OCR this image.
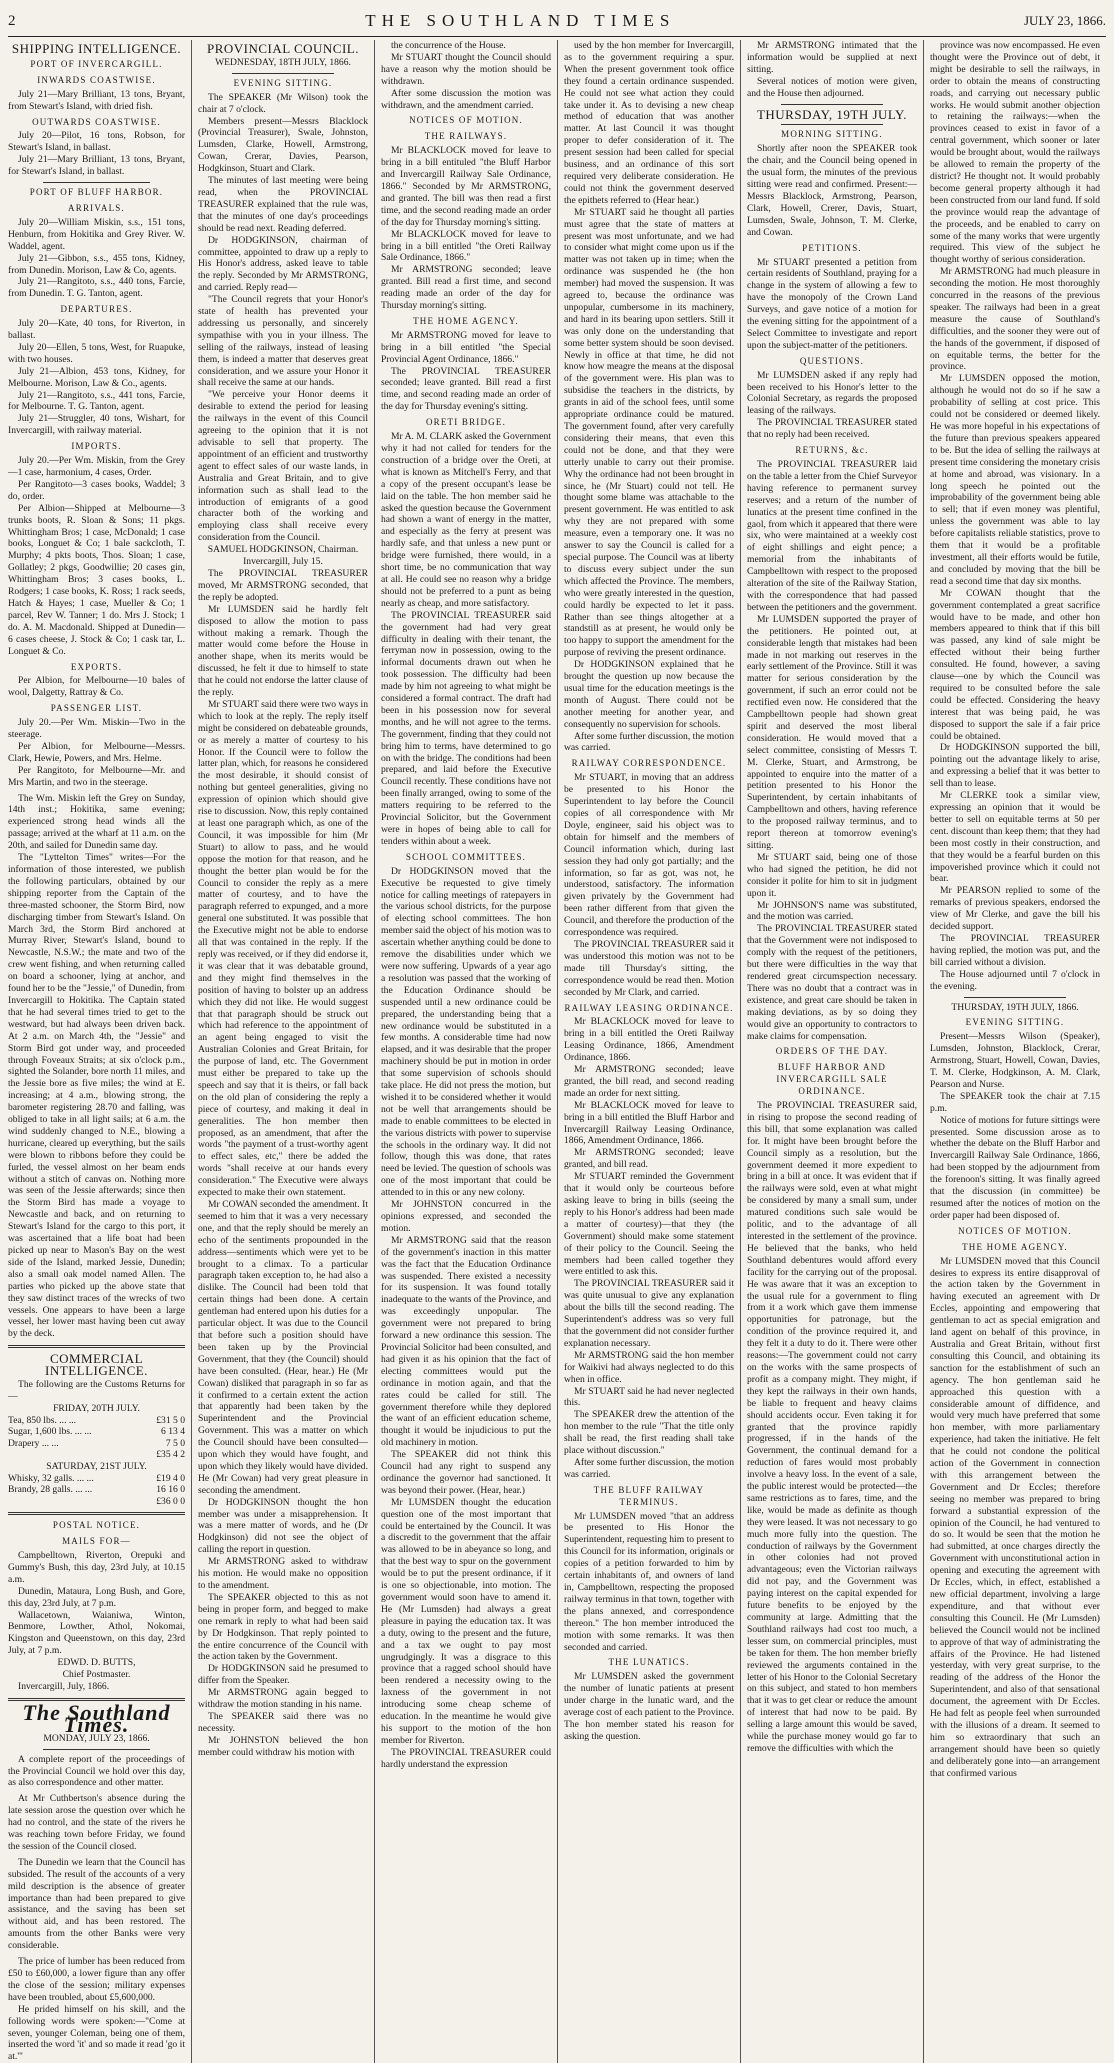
2	THE SOUTHLAND TIMES	JULY 23, 1866.
SHIPPING INTELLIGENCE.
PORT OF INVERCARGILL.
INWARDS COASTWISE.

July 21—Mary Brilliant, 13 tons, Bryant, from Stewart's Island, with dried fish.

OUTWARDS COASTWISE.

July 20—Pilot, 16 tons, Robson, for Stewart's Island, in ballast.

July 21—Mary Brilliant, 13 tons, Bryant, for Stewart's Island, in ballast.

PORT OF BLUFF HARBOR.
ARRIVALS.

July 20—William Miskin, s.s., 151 tons, Henburn, from Hokitika and Grey River. W. Waddel, agent.

July 21—Gibbon, s.s., 455 tons, Kidney, from Dunedin. Morison, Law & Co, agents.

July 21—Rangitoto, s.s., 440 tons, Farcie, from Dunedin. T. G. Tanton, agent.

DEPARTURES.

July 20—Kate, 40 tons, for Riverton, in ballast.

July 20—Ellen, 5 tons, West, for Ruapuke, with two houses.

July 21—Albion, 453 tons, Kidney, for Melbourne. Morison, Law & Co., agents.

July 21—Rangitoto, s.s., 441 tons, Farcie, for Melbourne. T. G. Tanton, agent.

July 21—Struggler, 40 tons, Wishart, for Invercargill, with railway material.

IMPORTS.

July 20.—Per Wm. Miskin, from the Grey—1 case, harmonium, 4 cases, Order.

Per Rangitoto—3 cases books, Waddel; 3 do, order.

Per Albion—Shipped at Melbourne—3 trunks boots, R. Sloan & Sons; 11 pkgs. Whittingham Bros; 1 case, McDonald; 1 case books, Longuet & Co; 1 bale sackcloth, T. Murphy; 4 pkts boots, Thos. Sloan; 1 case, Gollatley; 2 pkgs, Goodwillie; 20 cases gin, Whittingham Bros; 3 cases books, L. Rodgers; 1 case books, K. Ross; 1 rack seeds, Hatch & Hayes; 1 case, Mueller & Co; 1 parcel, Rev W. Tanner; 1 do. Mrs J. Stock; 1 do. A. M. Macdonald. Shipped at Dunedin—6 cases cheese, J. Stock & Co; 1 cask tar, L. Longuet & Co.

EXPORTS.

Per Albion, for Melbourne—10 bales of wool, Dalgetty, Rattray & Co.

PASSENGER LIST.

July 20.—Per Wm. Miskin—Two in the steerage.

Per Albion, for Melbourne—Messrs. Clark, Hewie, Powers, and Mrs. Helme.

Per Rangitoto, for Melbourne—Mr. and Mrs Martin, and two in the steerage.

The Wm. Miskin left the Grey on Sunday, 14th inst.; Hokitika, same evening; experienced strong head winds all the passage; arrived at the wharf at 11 a.m. on the 20th, and sailed for Dunedin same day.

The "Lyttelton Times" writes—For the information of those interested, we publish the following particulars, obtained by our shipping reporter from the Captain of the three-masted schooner, the Storm Bird, now discharging timber from Stewart's Island. On March 3rd, the Storm Bird anchored at Murray River, Stewart's Island, bound to Newcastle, N.S.W.; the mate and two of the crew went fishing, and when returning called on board a schooner, lying at anchor, and found her to be the "Jessie," of Dunedin, from Invercargill to Hokitika. The Captain stated that he had several times tried to get to the westward, but had always been driven back. At 2 a.m. on March 4th, the "Jessie" and Storm Bird got under way, and proceeded through Foveaux Straits; at six o'clock p.m., sighted the Solander, bore north 11 miles, and the Jessie bore as five miles; the wind at E. increasing; at 4 a.m., blowing strong, the barometer registering 28.70 and falling, was obliged to take in all light sails; at 6 a.m. the wind suddenly changed to N.E., blowing a hurricane, cleared up everything, but the sails were blown to ribbons before they could be furled, the vessel almost on her beam ends without a stitch of canvas on. Nothing more was seen of the Jessie afterwards; since then the Storm Bird has made a voyage to Newcastle and back, and on returning to Stewart's Island for the cargo to this port, it was ascertained that a life boat had been picked up near to Mason's Bay on the west side of the Island, marked Jessie, Dunedin; also a small oak model named Allen. The parties who picked up the above state that they saw distinct traces of the wrecks of two vessels. One appears to have been a large vessel, her lower mast having been cut away by the deck.

COMMERCIAL INTELLIGENCE.

The following are the Customs Returns for—

FRIDAY, 20TH JULY.
Tea, 850 lbs. ... ...	£31 5 0
Sugar, 1,600 lbs. ... ...	6 13 4
Drapery ... ...	7 5 0
	£35 4 2
SATURDAY, 21ST JULY.
Whisky, 32 galls. ... ...	£19 4 0
Brandy, 28 galls. ... ...	16 16 0
	£36 0 0
POSTAL NOTICE.
MAILS FOR—

Campbelltown, Riverton, Orepuki and Gummy's Bush, this day, 23rd July, at 10.15 a.m.

Dunedin, Mataura, Long Bush, and Gore, this day, 23rd July, at 7 p.m.

Wallacetown, Waianiwa, Winton, Benmore, Lowther, Athol, Nokomai, Kingston and Queenstown, on this day, 23rd July, at 7 p.m.

EDWD. D. BUTTS,
Chief Postmaster.

Invercargill, July, 1866.

The Southland Times.
MONDAY, JULY 23, 1866.

A complete report of the proceedings of the Provincial Council we hold over this day, as also correspondence and other matter.

At Mr Cuthbertson's absence during the late session arose the question over which he had no control, and the state of the rivers he was reaching town before Friday, we found the session of the Council closed.

The Dunedin we learn that the Council has subsided. The result of the accounts of a very mild description is the absence of greater importance than had been prepared to give assistance, and the saving has been set without aid, and has been restored. The amounts from the other Banks were very considerable.

The price of lumber has been reduced from £50 to £60,000, a lower figure than any offer the close of the session; military expenses have been troubled, about £5,600,000.

He prided himself on his skill, and the following words were spoken:—"Come at seven, younger Coleman, being one of them, inserted the word 'it' and so made it read 'go it at.'"

PROVINCIAL COUNCIL.
WEDNESDAY, 18TH JULY, 1866.
EVENING SITTING.

The SPEAKER (Mr Wilson) took the chair at 7 o'clock.

Members present—Messrs Blacklock (Provincial Treasurer), Swale, Johnston, Lumsden, Clarke, Howell, Armstrong, Cowan, Crerar, Davies, Pearson, Hodgkinson, Stuart and Clark.

The minutes of last meeting were being read, when the PROVINCIAL TREASURER explained that the rule was, that the minutes of one day's proceedings should be read next. Reading deferred.

Dr HODGKINSON, chairman of committee, appointed to draw up a reply to His Honor's address, asked leave to table the reply. Seconded by Mr ARMSTRONG, and carried. Reply read—

"The Council regrets that your Honor's state of health has prevented your addressing us personally, and sincerely sympathise with you in your illness. The selling of the railways, instead of leasing them, is indeed a matter that deserves great consideration, and we assure your Honor it shall receive the same at our hands.

"We perceive your Honor deems it desirable to extend the period for leasing the railways in the event of this Council agreeing to the opinion that it is not advisable to sell that property. The appointment of an efficient and trustworthy agent to effect sales of our waste lands, in Australia and Great Britain, and to give information such as shall lead to the introduction of emigrants of a good character both of the working and employing class shall receive every consideration from the Council.

SAMUEL HODGKINSON, Chairman.
Invercargill, July 15.

The PROVINCIAL TREASURER moved, Mr ARMSTRONG seconded, that the reply be adopted.

Mr LUMSDEN said he hardly felt disposed to allow the motion to pass without making a remark. Though the matter would come before the House in another shape, when its merits would be discussed, he felt it due to himself to state that he could not endorse the latter clause of the reply.

Mr STUART said there were two ways in which to look at the reply. The reply itself might be considered on debateable grounds, or as merely a matter of courtesy to his Honor. If the Council were to follow the latter plan, which, for reasons he considered the most desirable, it should consist of nothing but genteel generalities, giving no expression of opinion which should give rise to discussion. Now, this reply contained at least one paragraph which, as one of the Council, it was impossible for him (Mr Stuart) to allow to pass, and he would oppose the motion for that reason, and he thought the better plan would be for the Council to consider the reply as a mere matter of courtesy, and to have the paragraph referred to expunged, and a more general one substituted. It was possible that the Executive might not be able to endorse all that was contained in the reply. If the reply was received, or if they did endorse it, it was clear that it was debatable ground, and they might find themselves in the position of having to bolster up an address which they did not like. He would suggest that that paragraph should be struck out which had reference to the appointment of an agent being engaged to visit the Australian Colonies and Great Britain, for the purpose of land, etc. The Government must either be prepared to take up the speech and say that it is theirs, or fall back on the old plan of considering the reply a piece of courtesy, and making it deal in generalities. The hon member then proposed, as an amendment, that after the words "the payment of a trust-worthy agent to effect sales, etc," there be added the words "shall receive at our hands every consideration." The Executive were always expected to make their own statement.

Mr COWAN seconded the amendment. It seemed to him that it was a very necessary one, and that the reply should be merely an echo of the sentiments propounded in the address—sentiments which were yet to be brought to a climax. To a particular paragraph taken exception to, he had also a dislike. The Council had been told that certain things had been done. A certain gentleman had entered upon his duties for a particular object. It was due to the Council that before such a position should have been taken up by the Provincial Government, that they (the Council) should have been consulted. (Hear, hear.) He (Mr Cowan) disliked that paragraph in so far as it confirmed to a certain extent the action that apparently had been taken by the Superintendent and the Provincial Government. This was a matter on which the Council should have been consulted—upon which they would have fought, and upon which they likely would have divided. He (Mr Cowan) had very great pleasure in seconding the amendment.

Dr HODGKINSON thought the hon member was under a misapprehension. It was a mere matter of words, and he (Dr Hodgkinson) did not see the object of calling the report in question.

Mr ARMSTRONG asked to withdraw his motion. He would make no opposition to the amendment.

The SPEAKER objected to this as not being in proper form, and begged to make one remark in reply to what had been said by Dr Hodgkinson. That reply pointed to the entire concurrence of the Council with the action taken by the Government.

Dr HODGKINSON said he presumed to differ from the Speaker.

Mr ARMSTRONG again begged to withdraw the motion standing in his name.

The SPEAKER said there was no necessity.

Mr JOHNSTON believed the hon member could withdraw his motion with

the concurrence of the House.

Mr STUART thought the Council should have a reason why the motion should be withdrawn.

After some discussion the motion was withdrawn, and the amendment carried.

NOTICES OF MOTION.
THE RAILWAYS.

Mr BLACKLOCK moved for leave to bring in a bill entituled "the Bluff Harbor and Invercargill Railway Sale Ordinance, 1866." Seconded by Mr ARMSTRONG, and granted. The bill was then read a first time, and the second reading made an order of the day for Thursday morning's sitting.

Mr BLACKLOCK moved for leave to bring in a bill entitled "the Oreti Railway Sale Ordinance, 1866."

Mr ARMSTRONG seconded; leave granted. Bill read a first time, and second reading made an order of the day for Thursday morning's sitting.

THE HOME AGENCY.

Mr ARMSTRONG moved for leave to bring in a bill entitled "the Special Provincial Agent Ordinance, 1866."

The PROVINCIAL TREASURER seconded; leave granted. Bill read a first time, and second reading made an order of the day for Thursday evening's sitting.

ORETI BRIDGE.

Mr A. M. CLARK asked the Government why it had not called for tenders for the construction of a bridge over the Oreti, at what is known as Mitchell's Ferry, and that a copy of the present occupant's lease be laid on the table. The hon member said he asked the question because the Government had shown a want of energy in the matter, and especially as the ferry at present was hardly safe, and that unless a new punt or bridge were furnished, there would, in a short time, be no communication that way at all. He could see no reason why a bridge should not be preferred to a punt as being nearly as cheap, and more satisfactory.

The PROVINCIAL TREASURER said the government had had very great difficulty in dealing with their tenant, the ferryman now in possession, owing to the informal documents drawn out when he took possession. The difficulty had been made by him not agreeing to what might be considered a formal contract. The draft had been in his possession now for several months, and he will not agree to the terms. The government, finding that they could not bring him to terms, have determined to go on with the bridge. The conditions had been prepared, and laid before the Executive Council recently. These conditions have not been finally arranged, owing to some of the matters requiring to be referred to the Provincial Solicitor, but the Government were in hopes of being able to call for tenders within about a week.

SCHOOL COMMITTEES.

Dr HODGKINSON moved that the Executive be requested to give timely notice for calling meetings of ratepayers in the various school districts, for the purpose of electing school committees. The hon member said the object of his motion was to ascertain whether anything could be done to remove the disabilities under which we were now suffering. Upwards of a year ago a resolution was passed that the working of the Education Ordinance should be suspended until a new ordinance could be prepared, the understanding being that a new ordinance would be substituted in a few months. A considerable time had now elapsed, and it was desirable that the proper machinery should be put in motion in order that some supervision of schools should take place. He did not press the motion, but wished it to be considered whether it would not be well that arrangements should be made to enable committees to be elected in the various districts with power to supervise the schools in the ordinary way. It did not follow, though this was done, that rates need be levied. The question of schools was one of the most important that could be attended to in this or any new colony.

Mr JOHNSTON concurred in the opinions expressed, and seconded the motion.

Mr ARMSTRONG said that the reason of the government's inaction in this matter was the fact that the Education Ordinance was suspended. There existed a necessity for its suspension. It was found totally inadequate to the wants of the Province, and was exceedingly unpopular. The government were not prepared to bring forward a new ordinance this session. The Provincial Solicitor had been consulted, and had given it as his opinion that the fact of electing committees would put the ordinance in motion again, and that the rates could be called for still. The government therefore while they deplored the want of an efficient education scheme, thought it would be injudicious to put the old machinery in motion.

The SPEAKER did not think this Council had any right to suspend any ordinance the governor had sanctioned. It was beyond their power. (Hear, hear.)

Mr LUMSDEN thought the education question one of the most important that could be entertained by the Council. It was a discredit to the government that the affair was allowed to be in abeyance so long, and that the best way to spur on the government would be to put the present ordinance, if it is one so objectionable, into motion. The government would soon have to amend it. He (Mr Lumsden) had always a great pleasure in paying the education tax. It was a duty, owing to the present and the future, and a tax we ought to pay most ungrudgingly. It was a disgrace to this province that a ragged school should have been rendered a necessity owing to the laxness of the government in not introducing some cheap scheme of education. In the meantime he would give his support to the motion of the hon member for Riverton.

The PROVINCIAL TREASURER could hardly understand the expression

used by the hon member for Invercargill, as to the government requiring a spur. When the present government took office they found a certain ordinance suspended. He could not see what action they could take under it. As to devising a new cheap method of education that was another matter. At last Council it was thought proper to defer consideration of it. The present session had been called for special business, and an ordinance of this sort required very deliberate consideration. He could not think the government deserved the epithets referred to (Hear hear.)

Mr STUART said he thought all parties must agree that the state of matters at present was most unfortunate, and we had to consider what might come upon us if the matter was not taken up in time; when the ordinance was suspended he (the hon member) had moved the suspension. It was agreed to, because the ordinance was unpopular, cumbersome in its machinery, and hard in its bearing upon settlers. Still it was only done on the understanding that some better system should be soon devised. Newly in office at that time, he did not know how meagre the means at the disposal of the government were. His plan was to subsidise the teachers in the districts, by grants in aid of the school fees, until some appropriate ordinance could be matured. The government found, after very carefully considering their means, that even this could not be done, and that they were utterly unable to carry out their promise. Why the ordinance had not been brought in since, he (Mr Stuart) could not tell. He thought some blame was attachable to the present government. He was entitled to ask why they are not prepared with some measure, even a temporary one. It was no answer to say the Council is called for a special purpose. The Council was at liberty to discuss every subject under the sun which affected the Province. The members, who were greatly interested in the question, could hardly be expected to let it pass. Rather than see things altogether at a standstill as at present, he would only be too happy to support the amendment for the purpose of reviving the present ordinance.

Dr HODGKINSON explained that he brought the question up now because the usual time for the education meetings is the month of August. There could not be another meeting for another year, and consequently no supervision for schools.

After some further discussion, the motion was carried.

RAILWAY CORRESPONDENCE.

Mr STUART, in moving that an address be presented to his Honor the Superintendent to lay before the Council copies of all correspondence with Mr Doyle, engineer, said his object was to obtain for himself and the members of Council information which, during last session they had only got partially; and the information, so far as got, was not, he understood, satisfactory. The information given privately by the Government had been rather different from that given the Council, and therefore the production of the correspondence was required.

The PROVINCIAL TREASURER said it was understood this motion was not to be made till Thursday's sitting, the correspondence would be read then. Motion seconded by Mr Clark, and carried.

RAILWAY LEASING ORDINANCE.

Mr BLACKLOCK moved for leave to bring in a bill entitled the Oreti Railway Leasing Ordinance, 1866, Amendment Ordinance, 1866.

Mr ARMSTRONG seconded; leave granted, the bill read, and second reading made an order for next sitting.

Mr BLACKLOCK moved for leave to bring in a bill entitled the Bluff Harbor and Invercargill Railway Leasing Ordinance, 1866, Amendment Ordinance, 1866.

Mr ARMSTRONG seconded; leave granted, and bill read.

Mr STUART reminded the Government that it would only be courteous before asking leave to bring in bills (seeing the reply to his Honor's address had been made a matter of courtesy)—that they (the Government) should make some statement of their policy to the Council. Seeing the members had been called together they were entitled to ask this.

The PROVINCIAL TREASURER said it was quite unusual to give any explanation about the bills till the second reading. The Superintendent's address was so very full that the government did not consider further explanation necessary.

Mr ARMSTRONG said the hon member for Waikivi had always neglected to do this when in office.

Mr STUART said he had never neglected this.

The SPEAKER drew the attention of the hon member to the rule "That the title only shall be read, the first reading shall take place without discussion."

After some further discussion, the motion was carried.

THE BLUFF RAILWAY TERMINUS.

Mr LUMSDEN moved "that an address be presented to His Honor the Superintendent, requesting him to present to this Council for its information, originals or copies of a petition forwarded to him by certain inhabitants of, and owners of land in, Campbelltown, respecting the proposed railway terminus in that town, together with the plans annexed, and correspondence thereon." The hon member introduced the motion with some remarks. It was then seconded and carried.

THE LUNATICS.

Mr LUMSDEN asked the government the number of lunatic patients at present under charge in the lunatic ward, and the average cost of each patient to the Province. The hon member stated his reason for asking the question.

Mr ARMSTRONG intimated that the information would be supplied at next sitting.

Several notices of motion were given, and the House then adjourned.

THURSDAY, 19TH JULY.
MORNING SITTING.

Shortly after noon the SPEAKER took the chair, and the Council being opened in the usual form, the minutes of the previous sitting were read and confirmed. Present:—Messrs Blacklock, Armstrong, Pearson, Clark, Howell, Crerer, Davis, Stuart, Lumsden, Swale, Johnson, T. M. Clerke, and Cowan.

PETITIONS.

Mr STUART presented a petition from certain residents of Southland, praying for a change in the system of allowing a few to have the monopoly of the Crown Land Surveys, and gave notice of a motion for the evening sitting for the appointment of a Select Committee to investigate and report upon the subject-matter of the petitioners.

QUESTIONS.

Mr LUMSDEN asked if any reply had been received to his Honor's letter to the Colonial Secretary, as regards the proposed leasing of the railways.

The PROVINCIAL TREASURER stated that no reply had been received.

RETURNS, &c.

The PROVINCIAL TREASURER laid on the table a letter from the Chief Surveyor having reference to permanent survey reserves; and a return of the number of lunatics at the present time confined in the gaol, from which it appeared that there were six, who were maintained at a weekly cost of eight shillings and eight pence; a memorial from the inhabitants of Campbelltown with respect to the proposed alteration of the site of the Railway Station, with the correspondence that had passed between the petitioners and the government.

Mr LUMSDEN supported the prayer of the petitioners. He pointed out, at considerable length that mistakes had been made in not marking out reserves in the early settlement of the Province. Still it was matter for serious consideration by the government, if such an error could not be rectified even now. He considered that the Campbelltown people had shown great spirit and deserved the most liberal consideration. He would moved that a select committee, consisting of Messrs T. M. Clerke, Stuart, and Armstrong, be appointed to enquire into the matter of a petition presented to his Honor the Superintendent, by certain inhabitants of Campbelltown and others, having reference to the proposed railway terminus, and to report thereon at tomorrow evening's sitting.

Mr STUART said, being one of those who had signed the petition, he did not consider it polite for him to sit in judgment upon it.

Mr JOHNSON'S name was substituted, and the motion was carried.

The PROVINCIAL TREASURER stated that the Government were not indisposed to comply with the request of the petitioners, but there were difficulties in the way that rendered great circumspection necessary. There was no doubt that a contract was in existence, and great care should be taken in making deviations, as by so doing they would give an opportunity to contractors to make claims for compensation.

ORDERS OF THE DAY.
BLUFF HARBOR AND INVERCARGILL SALE ORDINANCE.

The PROVINCIAL TREASURER said, in rising to propose the second reading of this bill, that some explanation was called for. It might have been brought before the Council simply as a resolution, but the government deemed it more expedient to bring in a bill at once. It was evident that if the railways were sold, even at what might be considered by many a small sum, under matured conditions such sale would be politic, and to the advantage of all interested in the settlement of the province. He believed that the banks, who held Southland debentures would afford every facility for the carrying out of the proposal. He was aware that it was an exception to the usual rule for a government to fling from it a work which gave them immense opportunities for patronage, but the condition of the province required it, and they felt it a duty to do it. There were other reasons:—The government could not carry on the works with the same prospects of profit as a company might. They might, if they kept the railways in their own hands, be liable to frequent and heavy claims should accidents occur. Even taking it for granted that the province rapidly progressed, if in the hands of the Government, the continual demand for a reduction of fares would most probably involve a heavy loss. In the event of a sale, the public interest would be protected—the same restrictions as to fares, time, and the like, would be made as definite as though they were leased. It was not necessary to go much more fully into the question. The conduction of railways by the Government in other colonies had not proved advantageous; even the Victorian railways did not pay, and the Government was paying interest on the capital expended for future benefits to be enjoyed by the community at large. Admitting that the Southland railways had cost too much, a lesser sum, on commercial principles, must be taken for them. The hon member briefly reviewed the arguments contained in the letter of his Honor to the Colonial Secretary on this subject, and stated to hon members that it was to get clear or reduce the amount of interest that had now to be paid. By selling a large amount this would be saved, while the purchase money would go far to remove the difficulties with which the

province was now encompassed. He even thought were the Province out of debt, it might be desirable to sell the railways, in order to obtain the means of constructing roads, and carrying out necessary public works. He would submit another objection to retaining the railways:—when the provinces ceased to exist in favor of a central government, which sooner or later would be brought about, would the railways be allowed to remain the property of the district? He thought not. It would probably become general property although it had been constructed from our land fund. If sold the province would reap the advantage of the proceeds, and be enabled to carry on some of the many works that were urgently required. This view of the subject he thought worthy of serious consideration.

Mr ARMSTRONG had much pleasure in seconding the motion. He most thoroughly concurred in the reasons of the previous speaker. The railways had been in a great measure the cause of Southland's difficulties, and the sooner they were out of the hands of the government, if disposed of on equitable terms, the better for the province.

Mr LUMSDEN opposed the motion, although he would not do so if he saw a probability of selling at cost price. This could not be considered or deemed likely. He was more hopeful in his expectations of the future than previous speakers appeared to be. But the idea of selling the railways at present time considering the monetary crisis at home and abroad, was visionary. In a long speech he pointed out the improbability of the government being able to sell; that if even money was plentiful, unless the government was able to lay before capitalists reliable statistics, prove to them that it would be a profitable investment, all their efforts would be futile, and concluded by moving that the bill be read a second time that day six months.

Mr COWAN thought that the government contemplated a great sacrifice would have to be made, and other hon members appeared to think that if this bill was passed, any kind of sale might be effected without their being further consulted. He found, however, a saving clause—one by which the Council was required to be consulted before the sale could be effected. Considering the heavy interest that was being paid, he was disposed to support the sale if a fair price could be obtained.

Dr HODGKINSON supported the bill, pointing out the advantage likely to arise, and expressing a belief that it was better to sell than to lease.

Mr CLERKE took a similar view, expressing an opinion that it would be better to sell on equitable terms at 50 per cent. discount than keep them; that they had been most costly in their construction, and that they would be a fearful burden on this impoverished province which it could not bear.

Mr PEARSON replied to some of the remarks of previous speakers, endorsed the view of Mr Clerke, and gave the bill his decided support.

The PROVINCIAL TREASURER having replied, the motion was put, and the bill carried without a division.

The House adjourned until 7 o'clock in the evening.

THURSDAY, 19TH JULY, 1866.
EVENING SITTING.

Present—Messrs Wilson (Speaker), Lumsden, Johnston, Blacklock, Crerar, Armstrong, Stuart, Howell, Cowan, Davies, T. M. Clerke, Hodgkinson, A. M. Clark, Pearson and Nurse.

The SPEAKER took the chair at 7.15 p.m.

Notice of motions for future sittings were presented. Some discussion arose as to whether the debate on the Bluff Harbor and Invercargill Railway Sale Ordinance, 1866, had been stopped by the adjournment from the forenoon's sitting. It was finally agreed that the discussion (in committee) be resumed after the notices of motion on the order paper had been disposed of.

NOTICES OF MOTION.
THE HOME AGENCY.

Mr LUMSDEN moved that this Council desires to express its entire disapproval of the action taken by the Government in having executed an agreement with Dr Eccles, appointing and empowering that gentleman to act as special emigration and land agent on behalf of this province, in Australia and Great Britain, without first consulting this Council, and obtaining its sanction for the establishment of such an agency. The hon gentleman said he approached this question with a considerable amount of diffidence, and would very much have preferred that some hon member, with more parliamentary experience, had taken the initiative. He felt that he could not condone the political action of the Government in connection with this arrangement between the Government and Dr Eccles; therefore seeing no member was prepared to bring forward a substantial expression of the opinion of the Council, he had ventured to do so. It would be seen that the motion he had submitted, at once charges directly the Government with unconstitutional action in opening and executing the agreement with Dr Eccles, which, in effect, established a new official department, involving a large expenditure, and that without ever consulting this Council. He (Mr Lumsden) believed the Council would not be inclined to approve of that way of administrating the affairs of the Province. He had listened yesterday, with very great surprise, to the reading of the address of the Honor the Superintendent, and also of that sensational document, the agreement with Dr Eccles. He had felt as people feel when surrounded with the illusions of a dream. It seemed to him so extraordinary that such an arrangement should have been so quietly and deliberately gone into—an arrangement that confirmed various
